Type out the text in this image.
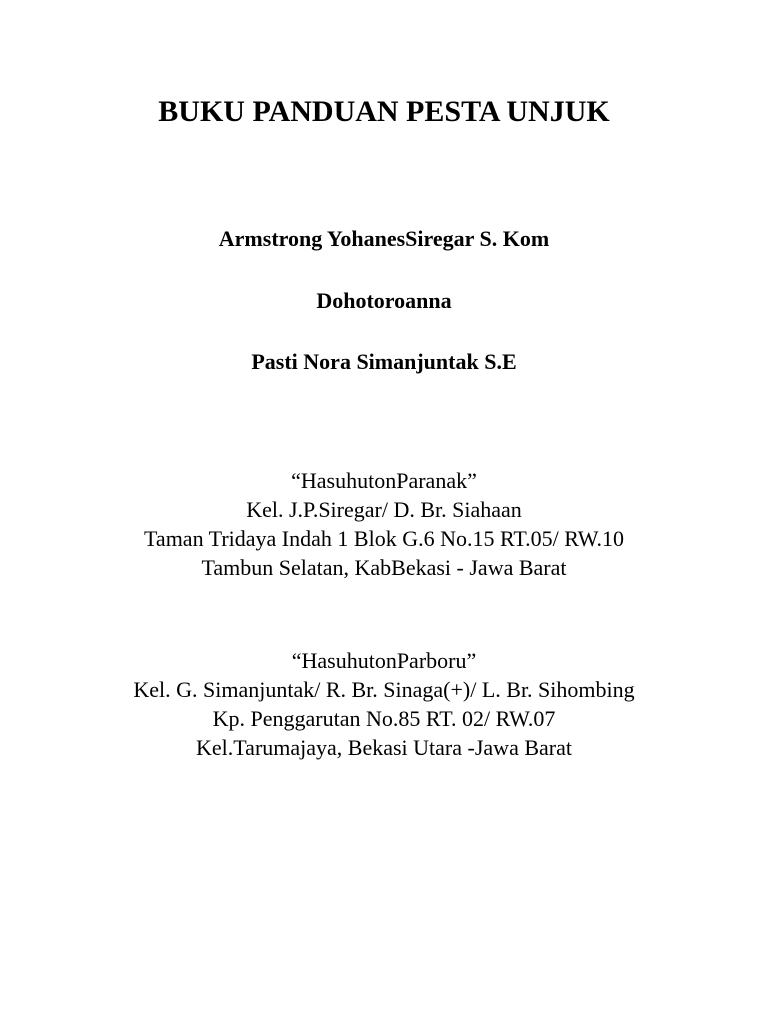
BUKU PANDUAN PESTA UNJUK

Armstrong YohanesSiregar S. Kom

Dohotoroanna

Pasti Nora Simanjuntak S.E

“HasuhutonParanak”
Kel. J.P.Siregar/ D. Br. Siahaan
Taman Tridaya Indah 1 Blok G.6 No.15 RT.05/ RW.10
Tambun Selatan, KabBekasi - Jawa Barat
“HasuhutonParboru”
Kel. G. Simanjuntak/ R. Br. Sinaga(+)/ L. Br. Sihombing
Kp. Penggarutan No.85 RT. 02/ RW.07
Kel.Tarumajaya, Bekasi Utara -Jawa Barat
